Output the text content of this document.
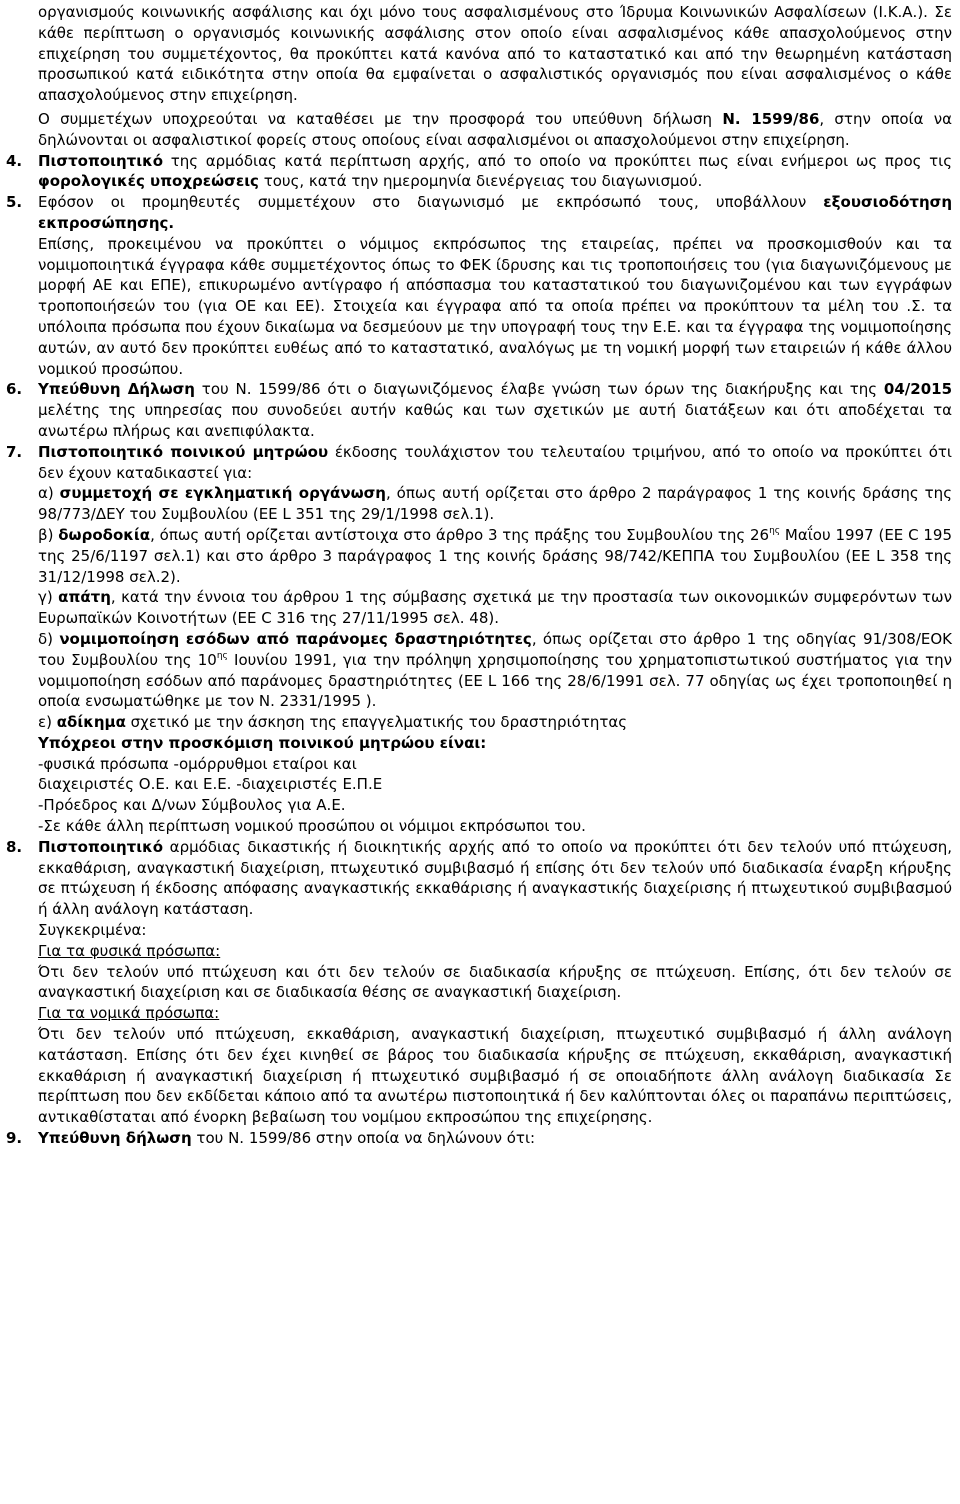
οργανισμούς κοινωνικής ασφάλισης και όχι μόνο τους ασφαλισμένους στο Ίδρυμα Κοινωνικών Ασφαλίσεων (Ι.Κ.Α.). Σε κάθε περίπτωση ο οργανισμός κοινωνικής ασφάλισης στον οποίο είναι ασφαλισμένος κάθε απασχολούμενος στην επιχείρηση του συμμετέχοντος, θα προκύπτει κατά κανόνα από το καταστατικό και από την θεωρημένη κατάσταση προσωπικού κατά ειδικότητα στην οποία θα εμφαίνεται ο ασφαλιστικός οργανισμός που είναι ασφαλισμένος ο κάθε απασχολούμενος στην επιχείρηση.

Ο συμμετέχων υποχρεούται να καταθέσει με την προσφορά του υπεύθυνη δήλωση Ν. 1599/86, στην οποία να δηλώνονται οι ασφαλιστικοί φορείς στους οποίους είναι ασφαλισμένοι οι απασχολούμενοι στην επιχείρηση.

4. Πιστοποιητικό της αρμόδιας κατά περίπτωση αρχής, από το οποίο να προκύπτει πως είναι ενήμεροι ως προς τις φορολογικές υποχρεώσεις τους, κατά την ημερομηνία διενέργειας του διαγωνισμού.
5. Εφόσον οι προμηθευτές συμμετέχουν στο διαγωνισμό με εκπρόσωπό τους, υποβάλλουν εξουσιοδότηση εκπροσώπησης.

Επίσης, προκειμένου να προκύπτει ο νόμιμος εκπρόσωπος της εταιρείας, πρέπει να προσκομισθούν και τα νομιμοποιητικά έγγραφα κάθε συμμετέχοντος όπως το ΦΕΚ ίδρυσης και τις τροποποιήσεις του (για διαγωνιζόμενους με μορφή ΑΕ και ΕΠΕ), επικυρωμένο αντίγραφο ή απόσπασμα του καταστατικού του διαγωνιζομένου και των εγγράφων τροποποιήσεών του (για ΟΕ και ΕΕ). Στοιχεία και έγγραφα από τα οποία πρέπει να προκύπτουν τα μέλη του .Σ. τα υπόλοιπα πρόσωπα που έχουν δικαίωμα να δεσμεύουν με την υπογραφή τους την Ε.Ε. και τα έγγραφα της νομιμοποίησης αυτών, αν αυτό δεν προκύπτει ευθέως από το καταστατικό, αναλόγως με τη νομική μορφή των εταιρειών ή κάθε άλλου νομικού προσώπου.

6. Υπεύθυνη Δήλωση του Ν. 1599/86 ότι ο διαγωνιζόμενος έλαβε γνώση των όρων της διακήρυξης και της 04/2015 μελέτης της υπηρεσίας που συνοδεύει αυτήν καθώς και των σχετικών με αυτή διατάξεων και ότι αποδέχεται τα ανωτέρω πλήρως και ανεπιφύλακτα.
7. Πιστοποιητικό ποινικού μητρώου έκδοσης τουλάχιστον του τελευταίου τριμήνου, από το οποίο να προκύπτει ότι δεν έχουν καταδικαστεί για:

α) συμμετοχή σε εγκληματική οργάνωση, όπως αυτή ορίζεται στο άρθρο 2 παράγραφος 1 της κοινής δράσης της 98/773/ΔΕΥ του Συμβουλίου (ΕΕ L 351 της 29/1/1998 σελ.1).

β) δωροδοκία, όπως αυτή ορίζεται αντίστοιχα στο άρθρο 3 της πράξης του Συμβουλίου της $26^{\eta\varsigma}$ Μαΐου 1997 (ΕΕ C 195 της 25/6/1197 σελ.1) και στο άρθρο 3 παράγραφος 1 της κοινής δράσης 98/742/ΚΕΠΠΑ του Συμβουλίου (ΕΕ L 358 της 31/12/1998 σελ.2).

γ) απάτη, κατά την έννοια του άρθρου 1 της σύμβασης σχετικά με την προστασία των οικονομικών συμφερόντων των Ευρωπαϊκών Κοινοτήτων (ΕΕ C 316 της 27/11/1995 σελ. 48).

δ) νομιμοποίηση εσόδων από παράνομες δραστηριότητες, όπως ορίζεται στο άρθρο 1 της οδηγίας 91/308/ΕΟΚ του Συμβουλίου της $10^{\eta\varsigma}$ Ιουνίου 1991, για την πρόληψη χρησιμοποίησης του χρηματοπιστωτικού συστήματος για την νομιμοποίηση εσόδων από παράνομες δραστηριότητες (ΕΕ L 166 της 28/6/1991 σελ. 77 οδηγίας ως έχει τροποποιηθεί η οποία ενσωματώθηκε με τον Ν. 2331/1995 ).

ε) αδίκημα σχετικό με την άσκηση της επαγγελματικής του δραστηριότητας

Υπόχρεοι στην προσκόμιση ποινικού μητρώου είναι:

-φυσικά πρόσωπα -ομόρρυθμοι εταίροι και

διαχειριστές Ο.Ε. και Ε.Ε. -διαχειριστές Ε.Π.Ε

-Πρόεδρος και Δ/νων Σύμβουλος για Α.Ε.

-Σε κάθε άλλη περίπτωση νομικού προσώπου οι νόμιμοι εκπρόσωποι του.

8. Πιστοποιητικό αρμόδιας δικαστικής ή διοικητικής αρχής από το οποίο να προκύπτει ότι δεν τελούν υπό πτώχευση, εκκαθάριση, αναγκαστική διαχείριση, πτωχευτικό συμβιβασμό ή επίσης ότι δεν τελούν υπό διαδικασία έναρξη κήρυξης σε πτώχευση ή έκδοσης απόφασης αναγκαστικής εκκαθάρισης ή αναγκαστικής διαχείρισης ή πτωχευτικού συμβιβασμού ή άλλη ανάλογη κατάσταση.

Συγκεκριμένα:

Για τα φυσικά πρόσωπα:

Ότι δεν τελούν υπό πτώχευση και ότι δεν τελούν σε διαδικασία κήρυξης σε πτώχευση. Επίσης, ότι δεν τελούν σε αναγκαστική διαχείριση και σε διαδικασία θέσης σε αναγκαστική διαχείριση.

Για τα νομικά πρόσωπα:

Ότι δεν τελούν υπό πτώχευση, εκκαθάριση, αναγκαστική διαχείριση, πτωχευτικό συμβιβασμό ή άλλη ανάλογη κατάσταση. Επίσης ότι δεν έχει κινηθεί σε βάρος του διαδικασία κήρυξης σε πτώχευση, εκκαθάριση, αναγκαστική εκκαθάριση ή αναγκαστική διαχείριση ή πτωχευτικό συμβιβασμό ή σε οποιαδήποτε άλλη ανάλογη διαδικασία Σε περίπτωση που δεν εκδίδεται κάποιο από τα ανωτέρω πιστοποιητικά ή δεν καλύπτονται όλες οι παραπάνω περιπτώσεις, αντικαθίσταται από ένορκη βεβαίωση του νομίμου εκπροσώπου της επιχείρησης.

9. Υπεύθυνη δήλωση του Ν. 1599/86 στην οποία να δηλώνουν ότι:
